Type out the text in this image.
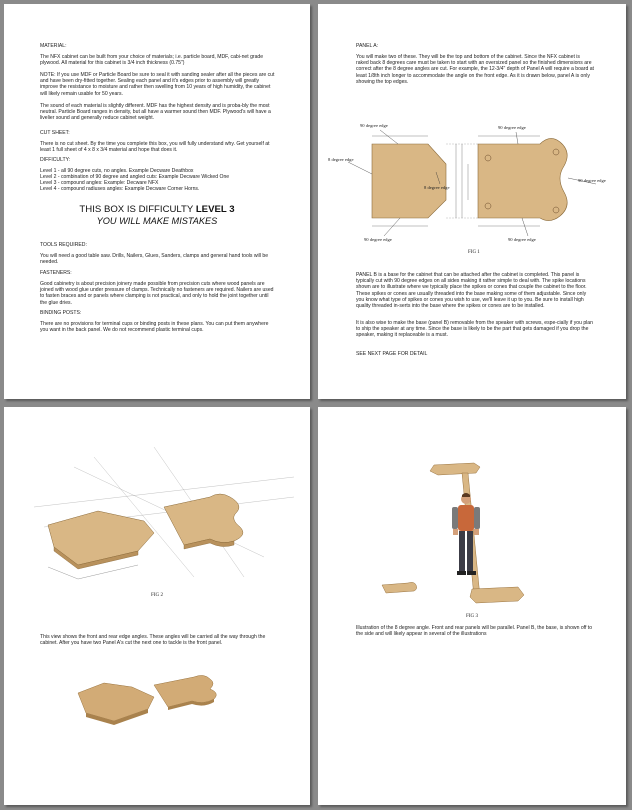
MATERIAL:

The NFX cabinet can be built from your choice of materials; i.e. particle board, MDF, cabi-net grade plywood. All material for this cabinet is 3/4 inch thickness (0.75")

NOTE: If you use MDF or Particle Board be sure to seal it with sanding sealer after all the pieces are cut and have been dry-fitted together. Sealing each panel and it's edges prior to assembly will greatly improve the resistance to moisture and rather then swelling from 10 years of high humidity, the cabinet will likely remain usable for 50 years.

The sound of each material is slightly different. MDF has the highest density and is proba-bly the most neutral. Particle Board ranges in density, but all have a warmer sound then MDF. Plywood's will have a livelier sound and generally reduce cabinet weight.

CUT SHEET:

There is no cut sheet. By the time you complete this box, you will fully understand why. Get yourself at least 1 full sheet of 4 x 8 x 3/4 material and hope that does it.

DIFFICULTY:

Level 1 - all 90 degree cuts, no angles. Example Decware Deathbox

Level 2 - combination of 90 degree and angled cuts: Example Decware Wicked One

Level 3 - compound angles: Example: Decware NFX

Level 4 - compound radiuses angles: Example Decware Corner Horns.

THIS BOX IS DIFFICULTY LEVEL 3
YOU WILL MAKE MISTAKES

TOOLS REQUIRED:

You will need a good table saw. Drills, Nailers, Glues, Sanders, clamps and general hand tools will be needed.

FASTENERS:

Good cabinetry is about precision joinery made possible from precision cuts where wood panels are joined with wood glue under pressure of clamps. Technically no fasteners are required. Nailers are used to fasten braces and or panels where clamping is not practical, and only to hold the joint together until the glue dries.

BINDING POSTS:

There are no provisions for terminal cups or binding posts in these plans. You can put them anywhere you want in the back panel. We do not recommend plastic terminal cups.

PANEL A:

You will make two of these. They will be the top and bottom of the cabinet. Since the NFX cabinet is raked back 8 degrees care must be taken to start with an oversized panel so the finished dimensions are correct after the 8 degree angles are cut. For example, the 12-3/4" depth of Panel A will require a board at least 1/8th inch longer to accommodate the angle on the front edge. As it is drawn below, panel A is only showing the top edges.

90 degree edge
8 degree edge
8 degree edge
90 degree edge
90 degree edge
90 degree edge
90 degree edge
FIG 1

PANEL B is a base for the cabinet that can be attached after the cabinet is completed. This panel is typically cut with 90 degree edges on all sides making it rather simple to deal with. The spike locations shown are to illustrate where we typically place the spikes or cones that couple the cabinet to the floor. These spikes or cones are usually threaded into the base making some of them adjustable. Since only you know what type of spikes or cones you wish to use, we'll leave it up to you. Be sure to install high quality threaded in-serts into the base where the spikes or cones are to be installed.

It is also wise to make the base (panel B) removable from the speaker with screws, espe-cially if you plan to ship the speaker at any time. Since the base is likely to be the part that gets damaged if you drop the speaker, making it replaceable is a must.

SEE NEXT PAGE FOR DETAIL

FIG 2

This view shows the front and rear edge angles. These angles will be carried all the way through the cabinet. After you have two Panel A's cut the next one to tackle is the front panel.

FIG 3

Illustration of the 8 degree angle. Front and rear panels will be parallel. Panel B, the base, is shown off to the side and will likely appear in several of the illustrations
